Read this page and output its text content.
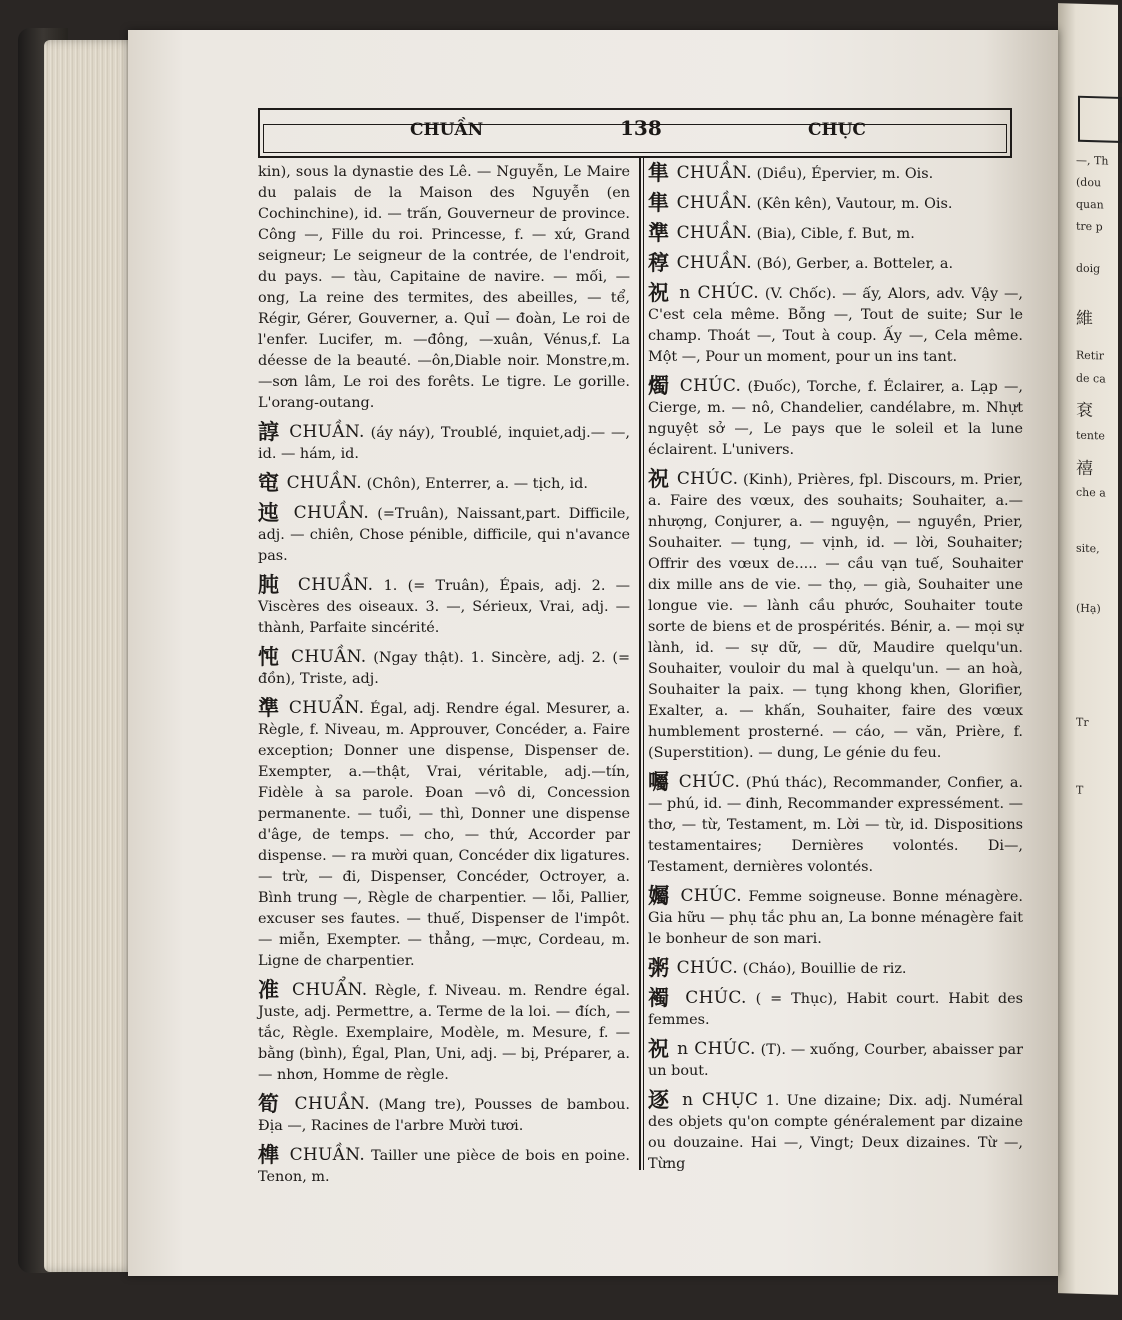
—, Th
(dou
quan
tre p
doig
維
Retir
de ca
袞
tente
禧
che a
site,
(Hạ)
Tr
T
CHUẦN	138	CHỤC

kin), sous la dynastie des Lê. — Nguyễn, Le Maire du palais de la Maison des Nguyễn (en Cochinchine), id. — trấn, Gouverneur de province. Công —, Fille du roi. Princesse, f. — xứ, Grand seigneur; Le seigneur de la contrée, de l'endroit, du pays. — tàu, Capitaine de navire. — mối, — ong, La reine des termites, des abeilles, — tể, Régir, Gérer, Gouverner, a. Quỉ — đoàn, Le roi de l'enfer. Lucifer, m. —đông, —xuân, Vénus,f. La déesse de la beauté. —ôn,Diable noir. Monstre,m.—sơn lâm, Le roi des forêts. Le tigre. Le gorille. L'orang-outang.

諄 CHUẦN. (áy náy), Troublé, inquiet,adj.— —, id. — hám, id.

窀 CHUẦN. (Chôn), Enterrer, a. — tịch, id.

迍 CHUẦN. (=Truân), Naissant,part. Difficile, adj. — chiên, Chose pénible, difficile, qui n'avance pas.

肫 CHUẦN. 1. (= Truân), Épais, adj. 2. — Viscères des oiseaux. 3. —, Sérieux, Vrai, adj. — thành, Parfaite sincérité.

忳 CHUẦN. (Ngay thật). 1. Sincère, adj. 2. (= đồn), Triste, adj.

準 CHUẨN. Égal, adj. Rendre égal. Mesurer, a. Règle, f. Niveau, m. Approuver, Concéder, a. Faire exception; Donner une dispense, Dispenser de. Exempter, a.—thật, Vrai, véritable, adj.—tín, Fidèle à sa parole. Đoan —vô di, Concession permanente. — tuổi, — thì, Donner une dispense d'âge, de temps. — cho, — thứ, Accorder par dispense. — ra mười quan, Concéder dix ligatures. — trừ, — đi, Dispenser, Concéder, Octroyer, a. Bình trung —, Règle de charpentier. — lỗi, Pallier, excuser ses fautes. — thuế, Dispenser de l'impôt. — miễn, Exempter. — thẳng, —mực, Cordeau, m. Ligne de charpentier.

准 CHUẨN. Règle, f. Niveau. m. Rendre égal. Juste, adj. Permettre, a. Terme de la loi. — đích, — tắc, Règle. Exemplaire, Modèle, m. Mesure, f. — bằng (bình), Égal, Plan, Uni, adj. — bị, Préparer, a. — nhơn, Homme de règle.

筍 CHUẦN. (Mang tre), Pousses de bambou. Địa —, Racines de l'arbre Mười tươi.

榫 CHUẦN. Tailler une pièce de bois en poine. Tenon, m.

隼 CHUẦN. (Diều), Épervier, m. Ois.

隼 CHUẦN. (Kên kên), Vautour, m. Ois.

準 CHUẦN. (Bia), Cible, f. But, m.

稕 CHUẦN. (Bó), Gerber, a. Botteler, a.

祝 n CHÚC. (V. Chốc). — ấy, Alors, adv. Vậy —, C'est cela même. Bỗng —, Tout de suite; Sur le champ. Thoát —, Tout à coup. Ấy —, Cela même. Một —, Pour un moment, pour un ins tant.

燭 CHÚC. (Đuốc), Torche, f. Éclairer, a. Lạp —, Cierge, m. — nô, Chandelier, candélabre, m. Nhựt nguyệt sở —, Le pays que le soleil et la lune éclairent. L'univers.

祝 CHÚC. (Kinh), Prières, fpl. Discours, m. Prier, a. Faire des vœux, des souhaits; Souhaiter, a.— nhượng, Conjurer, a. — nguyện, — nguyền, Prier, Souhaiter. — tụng, — vịnh, id. — lời, Souhaiter; Offrir des vœux de..... — cầu vạn tuế, Souhaiter dix mille ans de vie. — thọ, — già, Souhaiter une longue vie. — lành cầu phước, Souhaiter toute sorte de biens et de prospérités. Bénir, a. — mọi sự lành, id. — sự dữ, — dữ, Maudire quelqu'un. Souhaiter, vouloir du mal à quelqu'un. — an hoà, Souhaiter la paix. — tụng khong khen, Glorifier, Exalter, a. — khấn, Souhaiter, faire des vœux humblement prosterné. — cáo, — văn, Prière, f. (Superstition). — dung, Le génie du feu.

囑 CHÚC. (Phú thác), Recommander, Confier, a. — phú, id. — đinh, Recommander expressément. — thơ, — từ, Testament, m. Lời — từ, id. Dispositions testamentaires; Dernières volontés. Di—, Testament, dernières volontés.

孎 CHÚC. Femme soigneuse. Bonne ménagère. Gia hữu — phụ tắc phu an, La bonne ménagère fait le bonheur de son mari.

粥 CHÚC. (Cháo), Bouillie de riz.

襡 CHÚC. ( = Thục), Habit court. Habit des femmes.

祝 n CHÚC. (T). — xuống, Courber, abaisser par un bout.

逐 n CHỤC 1. Une dizaine; Dix. adj. Numéral des objets qu'on compte généralement par dizaine ou douzaine. Hai —, Vingt; Deux dizaines. Từ —, Từng
